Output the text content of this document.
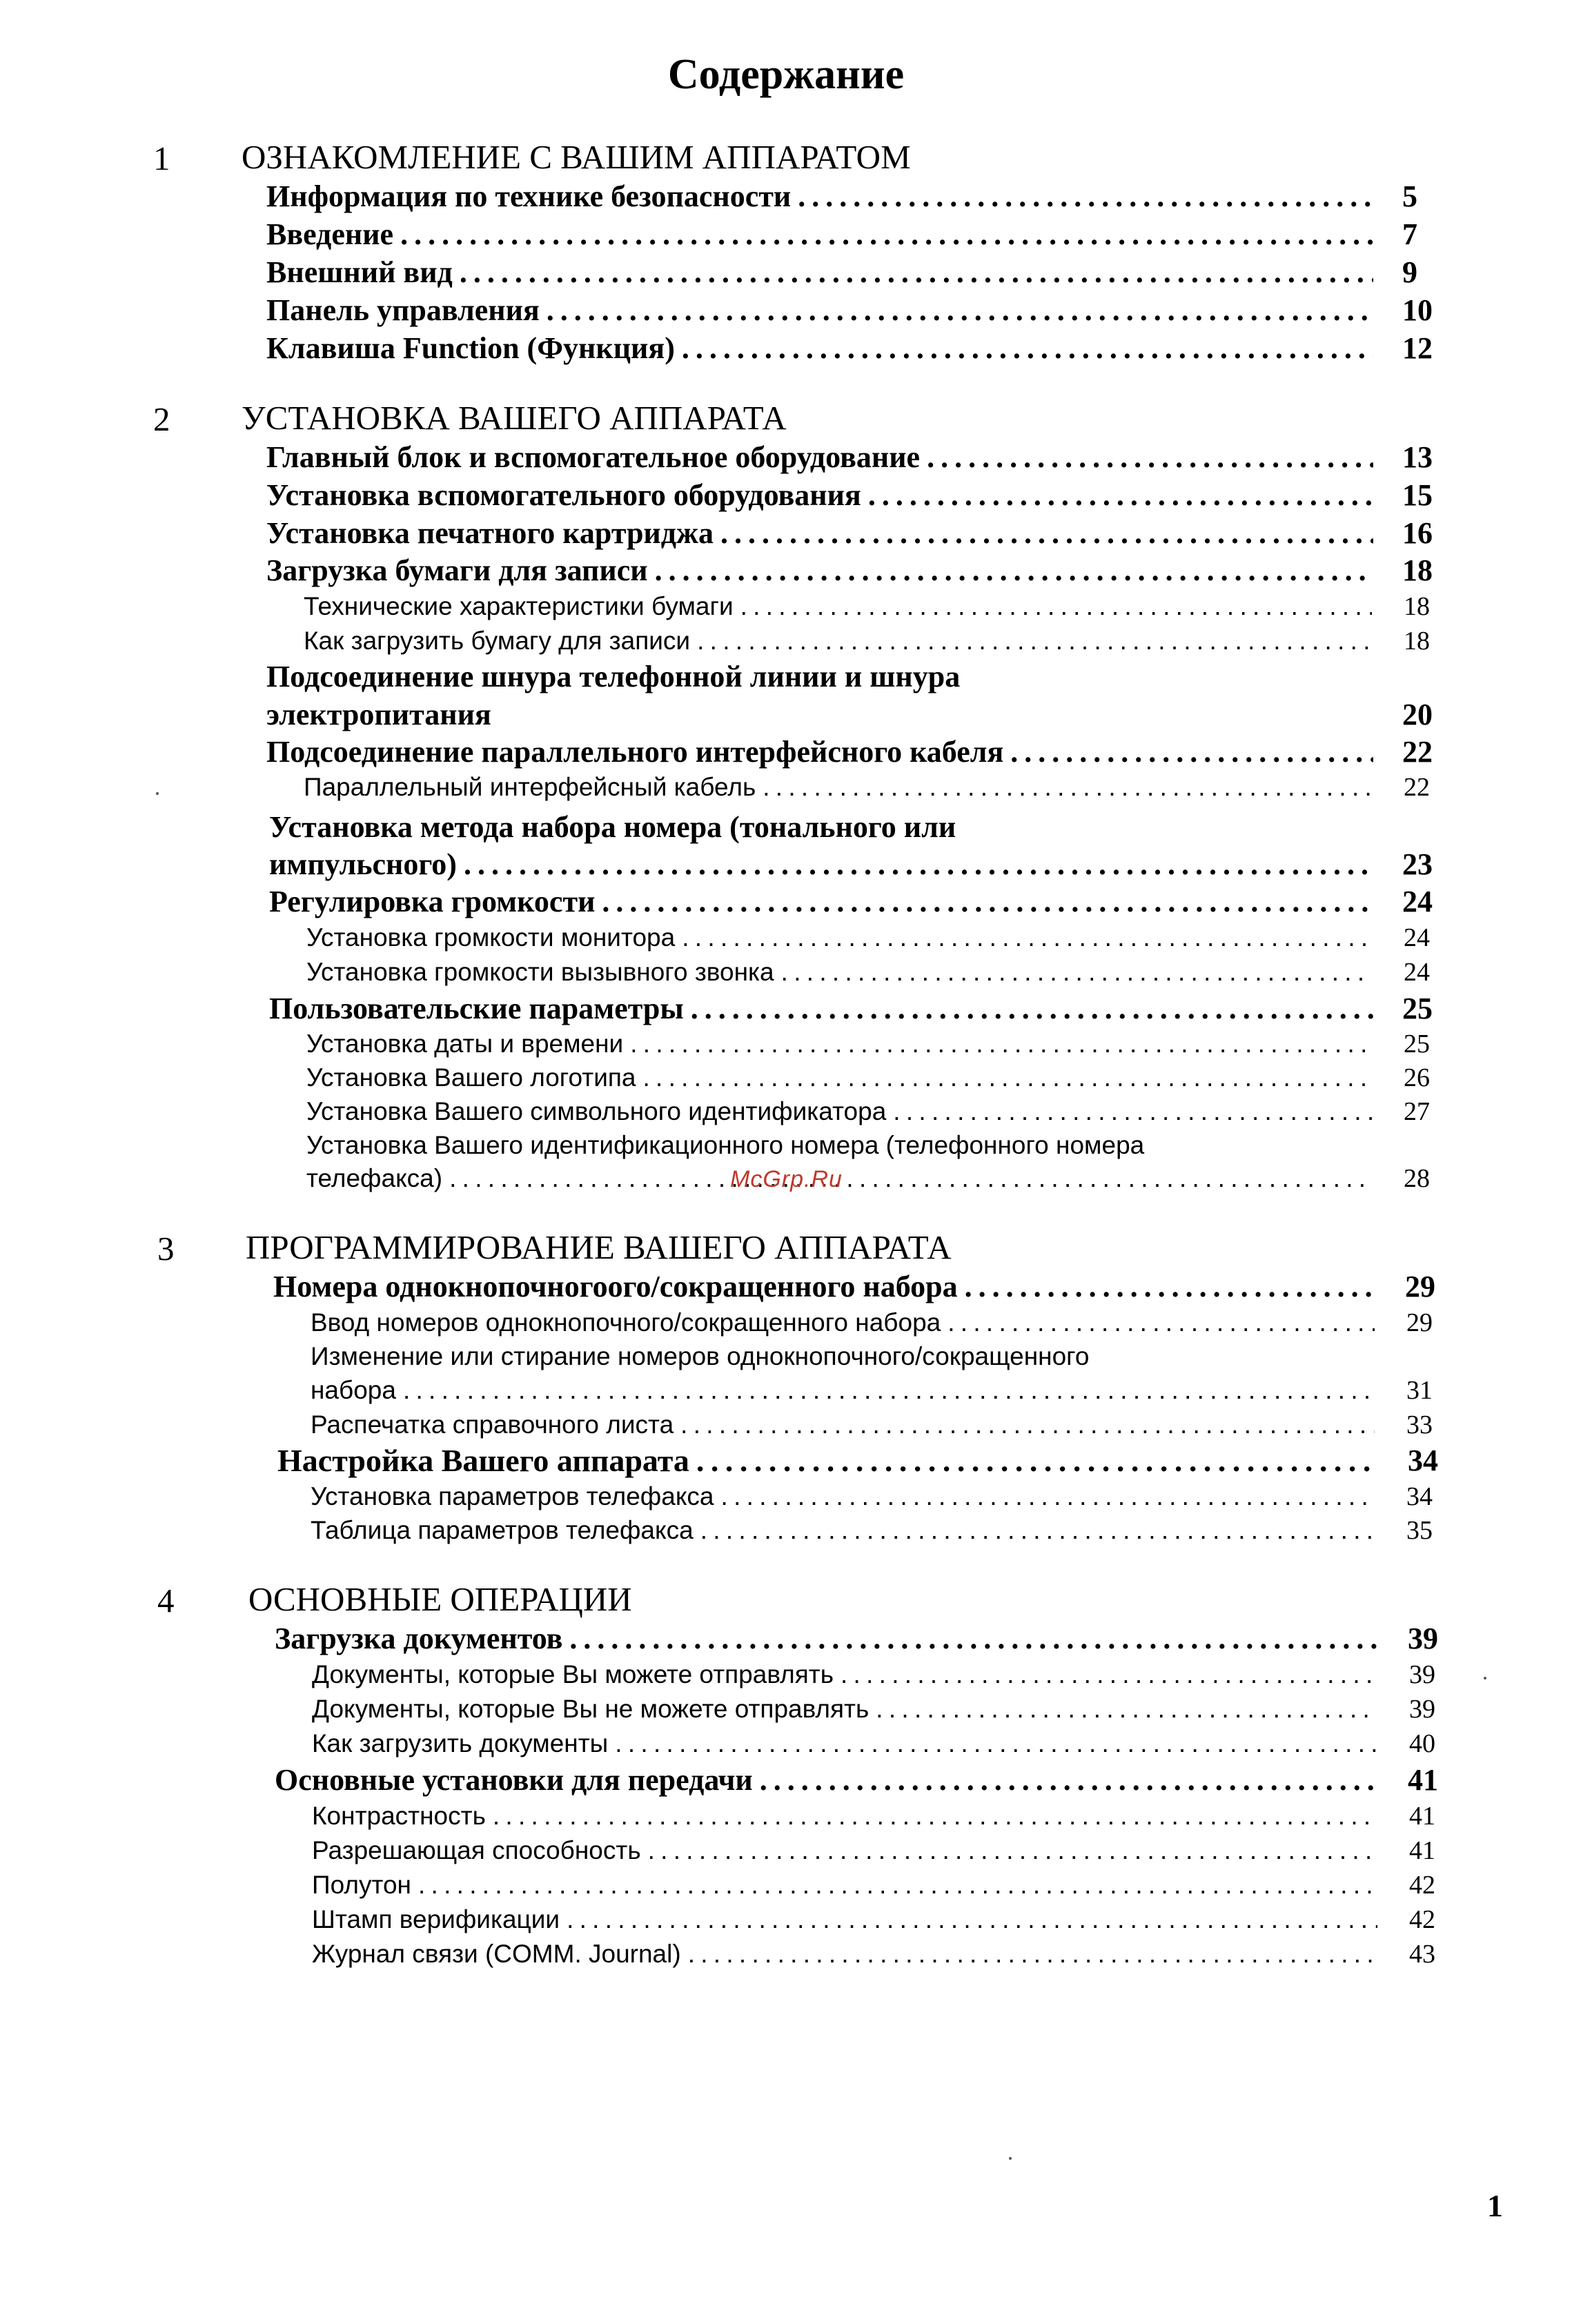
Содержание
1 ОЗНАКОМЛЕНИЕ С ВАШИМ АППАРАТОМ
Информация по технике безопасности . . .	5
Введение . . .	7
Внешний вид . . .	9
Панель управления . . .	10
Клавиша Function (Функция) . . .	12
2 УСТАНОВКА ВАШЕГО АППАРАТА
Главный блок и вспомогательное оборудование . . .	13
Установка вспомогательного оборудования . . .	15
Установка печатного картриджа . . .	16
Загрузка бумаги для записи . . .	18
Технические характеристики бумаги . . .	18
Как загрузить бумагу для записи . . .	18
Подсоединение шнура телефонной линии и шнура
электропитания	20
Подсоединение параллельного интерфейсного кабеля . . .	22
Параллельный интерфейсный кабель . . .	22
Установка метода набора номера (тонального или
импульсного) . . .	23
Регулировка громкости . . .	24
Установка громкости монитора . . .	24
Установка громкости вызывного звонка . . .	24
Пользовательские параметры . . .	25
Установка даты и времени . . .	25
Установка Вашего логотипа . . .	26
Установка Вашего символьного идентификатора . . .	27
Установка Вашего идентификационного номера (телефонного номера
телефакса) . . .	28
McGrp.Ru
3 ПРОГРАММИРОВАНИЕ ВАШЕГО АППАРАТА
Номера однокнопочногоого/сокращенного набора . . .	29
Ввод номеров однокнопочного/сокращенного набора . . .	29
Изменение или стирание номеров однокнопочного/сокращенного
набора . . .	31
Распечатка справочного листа . . .	33
Настройка Вашего аппарата . . .	34
Установка параметров телефакса . . .	34
Таблица параметров телефакса . . .	35
4 ОСНОВНЫЕ ОПЕРАЦИИ
Загрузка документов . . .	39
Документы, которые Вы можете отправлять . . .	39
Документы, которые Вы не можете отправлять . . .	39
Как загрузить документы . . .	40
Основные установки для передачи . . .	41
Контрастность . . .	41
Разрешающая способность . . .	41
Полутон . . .	42
Штамп верификации . . .	42
Журнал связи (COMM. Journal) . . .	43
1
